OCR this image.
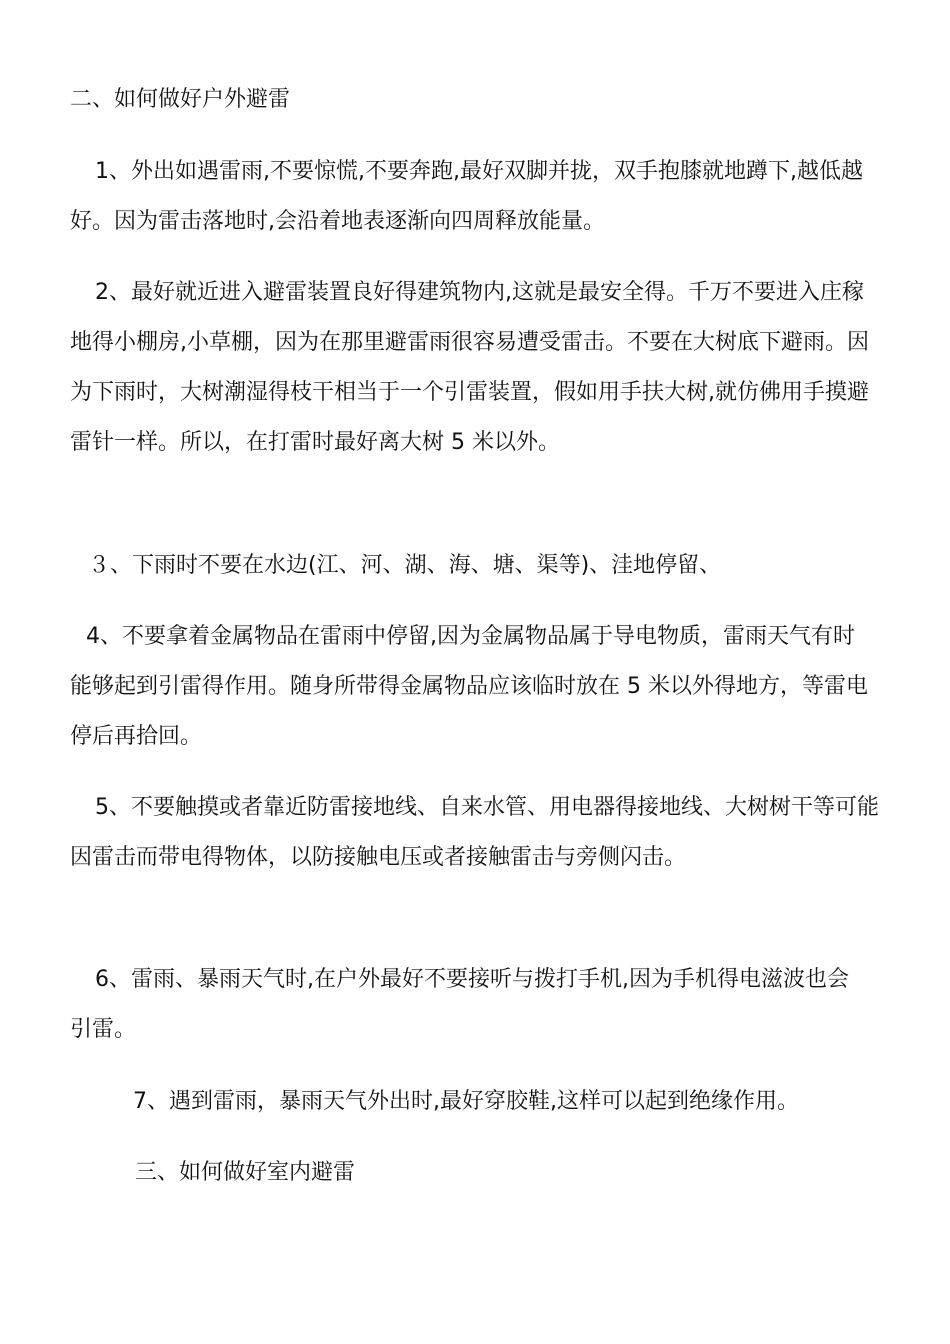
二、如何做好户外避雷

1、外出如遇雷雨,不要惊慌,不要奔跑,最好双脚并拢，双手抱膝就地蹲下,越低越好。因为雷击落地时,会沿着地表逐渐向四周释放能量。

2、最好就近进入避雷装置良好得建筑物内,这就是最安全得。千万不要进入庄稼地得小棚房,小草棚，因为在那里避雷雨很容易遭受雷击。不要在大树底下避雨。因为下雨时，大树潮湿得枝干相当于一个引雷装置，假如用手扶大树,就仿佛用手摸避雷针一样。所以，在打雷时最好离大树 5 米以外。

３、下雨时不要在水边(江、河、湖、海、塘、渠等)、洼地停留、

4、不要拿着金属物品在雷雨中停留,因为金属物品属于导电物质，雷雨天气有时能够起到引雷得作用。随身所带得金属物品应该临时放在 5 米以外得地方，等雷电停后再拾回。

5、不要触摸或者靠近防雷接地线、自来水管、用电器得接地线、大树树干等可能因雷击而带电得物体，以防接触电压或者接触雷击与旁侧闪击。

6、雷雨、暴雨天气时,在户外最好不要接听与拨打手机,因为手机得电滋波也会引雷。

7、遇到雷雨，暴雨天气外出时,最好穿胶鞋,这样可以起到绝缘作用。

三、如何做好室内避雷
